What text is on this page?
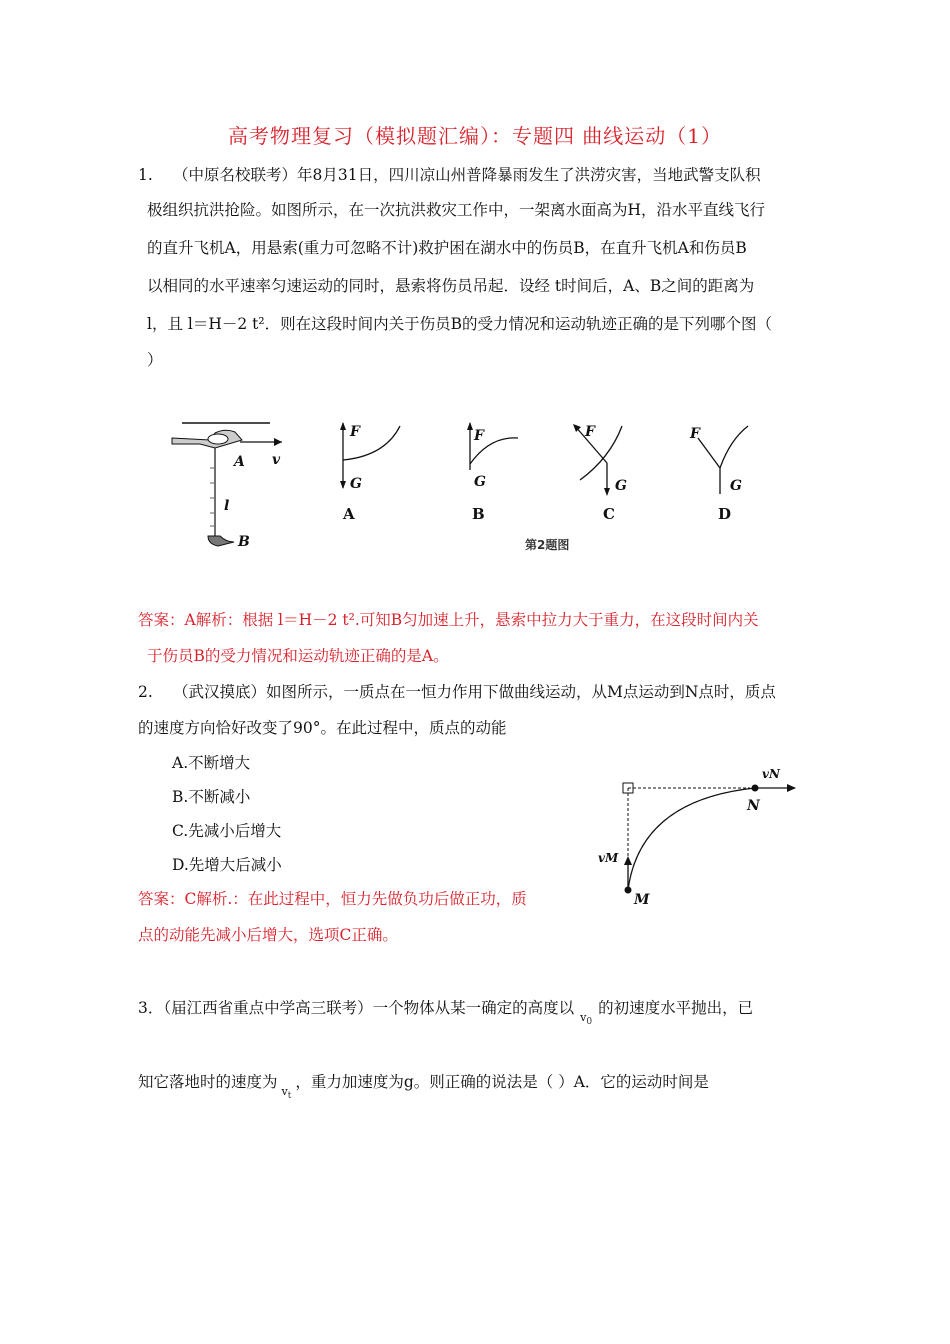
高考物理复习（模拟题汇编）：专题四 曲线运动（1）
1. （中原名校联考）年8月31日，四川凉山州普降暴雨发生了洪涝灾害，当地武警支队积
极组织抗洪抢险。如图所示，在一次抗洪救灾工作中，一架离水面高为H，沿水平直线飞行
的直升飞机A，用悬索(重力可忽略不计)救护困在湖水中的伤员B，在直升飞机A和伤员B
以相同的水平速率匀速运动的同时，悬索将伤员吊起．设经 t时间后，A、B之间的距离为
l，且 l＝H－2 t²．则在这段时间内关于伤员B的受力情况和运动轨迹正确的是下列哪个图（
）
A v
l
B
F
G
A
F
G
B
F
G
C
F
G
D
第2题图
答案：A解析：根据 l＝H－2 t².可知B匀加速上升，悬索中拉力大于重力，在这段时间内关
于伤员B的受力情况和运动轨迹正确的是A。
2. （武汉摸底）如图所示，一质点在一恒力作用下做曲线运动，从M点运动到N点时，质点
的速度方向恰好改变了90°。在此过程中，质点的动能
A.不断增大
B.不断减小
C.先减小后增大
D.先增大后减小
答案：C解析.：在此过程中，恒力先做负功后做正功，质
点的动能先减小后增大，选项C正确。
vN
vM
N
M
3．（届江西省重点中学高三联考）一个物体从某一确定的高度以$_{v_0}$的初速度水平抛出，已
知它落地时的速度为$_{v_t}$，重力加速度为g。则正确的说法是（ ）A．它的运动时间是
